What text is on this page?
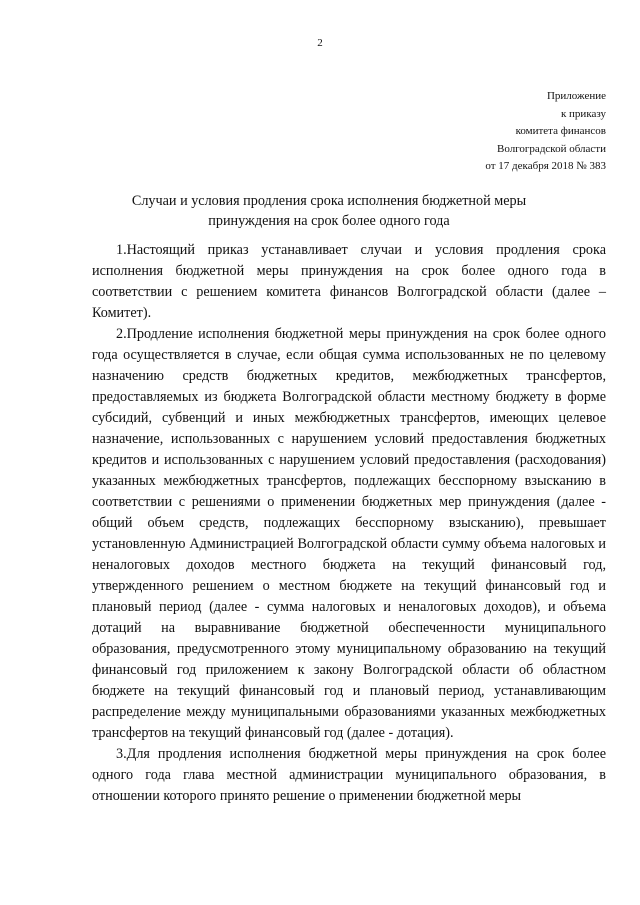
2
Приложение
к приказу
комитета финансов
Волгоградской области
от 17 декабря 2018 № 383
Случаи и условия продления срока исполнения бюджетной меры
принуждения на срок более одного года

1.Настоящий приказ устанавливает случаи и условия продления срока исполнения бюджетной меры принуждения на срок более одного года в соответствии с решением комитета финансов Волгоградской области (далее – Комитет).

2.Продление исполнения бюджетной меры принуждения на срок более одного года осуществляется в случае, если общая сумма использованных не по целевому назначению средств бюджетных кредитов, межбюджетных трансфертов, предоставляемых из бюджета Волгоградской области местному бюджету в форме субсидий, субвенций и иных межбюджетных трансфертов, имеющих целевое назначение, использованных с нарушением условий предоставления бюджетных кредитов и использованных с нарушением условий предоставления (расходования) указанных межбюджетных трансфертов, подлежащих бесспорному взысканию в соответствии с решениями о применении бюджетных мер принуждения (далее - общий объем средств, подлежащих бесспорному взысканию), превышает установленную Администрацией Волгоградской области сумму объема налоговых и неналоговых доходов местного бюджета на текущий финансовый год, утвержденного решением о местном бюджете на текущий финансовый год и плановый период (далее - сумма налоговых и неналоговых доходов), и объема дотаций на выравнивание бюджетной обеспеченности муниципального образования, предусмотренного этому муниципальному образованию на текущий финансовый год приложением к закону Волгоградской области об областном бюджете на текущий финансовый год и плановый период, устанавливающим распределение между муниципальными образованиями указанных межбюджетных трансфертов на текущий финансовый год (далее - дотация).

3.Для продления исполнения бюджетной меры принуждения на срок более одного года глава местной администрации муниципального образования, в отношении которого принято решение о применении бюджетной меры
